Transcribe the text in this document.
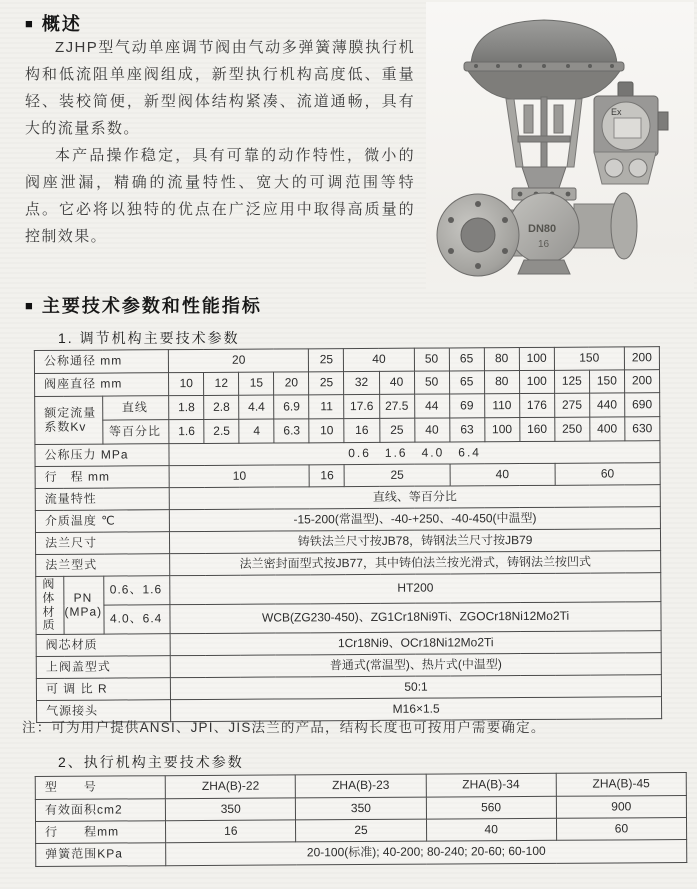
■ 概述

ZJHP型气动单座调节阀由气动多弹簧薄膜执行机构和低流阻单座阀组成，新型执行机构高度低、重量轻、装校简便，新型阀体结构紧凑、流道通畅，具有大的流量系数。

本产品操作稳定，具有可靠的动作特性，微小的阀座泄漏，精确的流量特性、宽大的可调范围等特点。它必将以独特的优点在广泛应用中取得高质量的控制效果。

Ex
DN80
16
■ 主要技术参数和性能指标
1. 调节机构主要技术参数
公称通径 mm			20				25	40		50	65	80	100	150		200
阀座直径 mm			10	12	15	20	25	32	40	50	65	80	100	125	150	200
额定流量
系数Kv		直线	1.8	2.8	4.4	6.9	11	17.6	27.5	44	69	110	176	275	440	690
		等百分比	1.6	2.5	4	6.3	10	16	25	40	63	100	160	250	400	630
公称压力 MPa			0.6　1.6　4.0　6.4													
行　程 mm			10				16	25			40			60		
流量特性			直线、等百分比													
介质温度 ℃			-15-200(常温型)、-40-+250、-40-450(中温型)													
法兰尺寸			铸铁法兰尺寸按JB78，铸钢法兰尺寸按JB79													
法兰型式			法兰密封面型式按JB77，其中铸伯法兰按光滑式，铸钢法兰按凹式													
阀体
材质	PN
(MPa)	0.6、1.6	HT200													
		4.0、6.4	WCB(ZG230-450)、ZG1Cr18Ni9Ti、ZGOCr18Ni12Mo2Ti													
阀芯材质			1Cr18Ni9、OCr18Ni12Mo2Ti													
上阀盖型式			普通式(常温型)、热片式(中温型)													
可 调 比 R			50:1													
气源接头			M16×1.5													
注：可为用户提供ANSI、JPI、JIS法兰的产品，结构长度也可按用户需要确定。
2、执行机构主要技术参数
型　　号	ZHA(B)-22	ZHA(B)-23	ZHA(B)-34	ZHA(B)-45
有效面积cm2	350	350	560	900
行　　程mm	16	25	40	60
弹簧范围KPa	20-100(标准); 40-200; 80-240; 20-60; 60-100			
